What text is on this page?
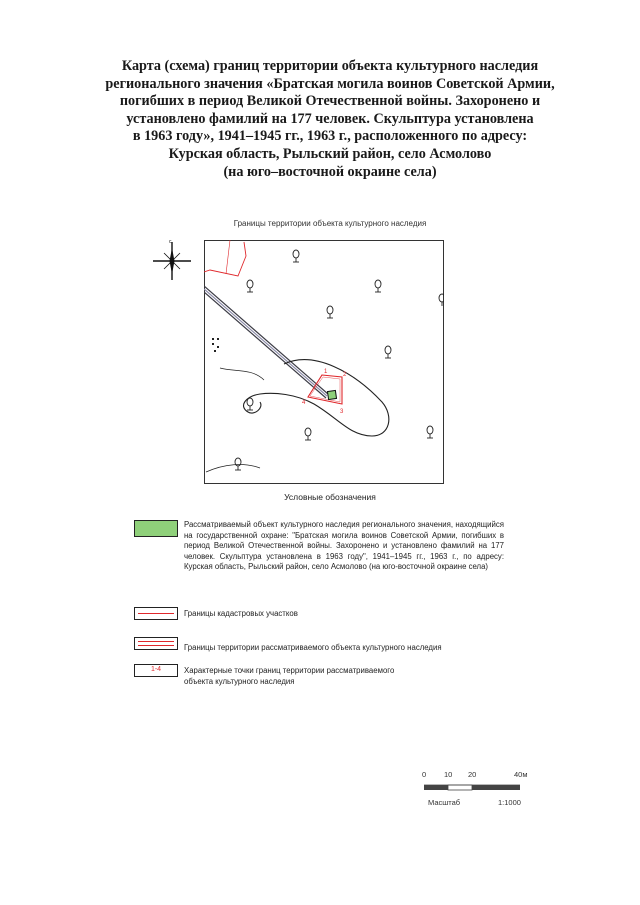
Карта (схема) границ территории объекта культурного наследия
регионального значения «Братская могила воинов Советской Армии,
погибших в период Великой Отечественной войны. Захоронено и
установлено фамилий на 177 человек. Скульптура установлена
в 1963 году», 1941–1945 гг., 1963 г., расположенного по адресу:
Курская область, Рыльский район, село Асмолово
(на юго–восточной окраине села)
Границы территории объекта культурного наследия
с
1	2
3
4
Условные обозначения
Рассматриваемый объект культурного наследия регионального значения, находящийся на государственной охране: "Братская могила воинов Советской Армии, погибших в период Великой Отечественной войны. Захоронено и установлено фамилий на 177 человек. Скульптура установлена в 1963 году", 1941–1945 гг., 1963 г., по адресу: Курская область, Рыльский район, село Асмолово (на юго-восточной окраине села)
Границы кадастровых участков
Границы территории рассматриваемого объекта культурного наследия
1-4	Характерные точки границ территории рассматриваемого объекта культурного наследия
0 10 20	40м
Масштаб	1:1000
